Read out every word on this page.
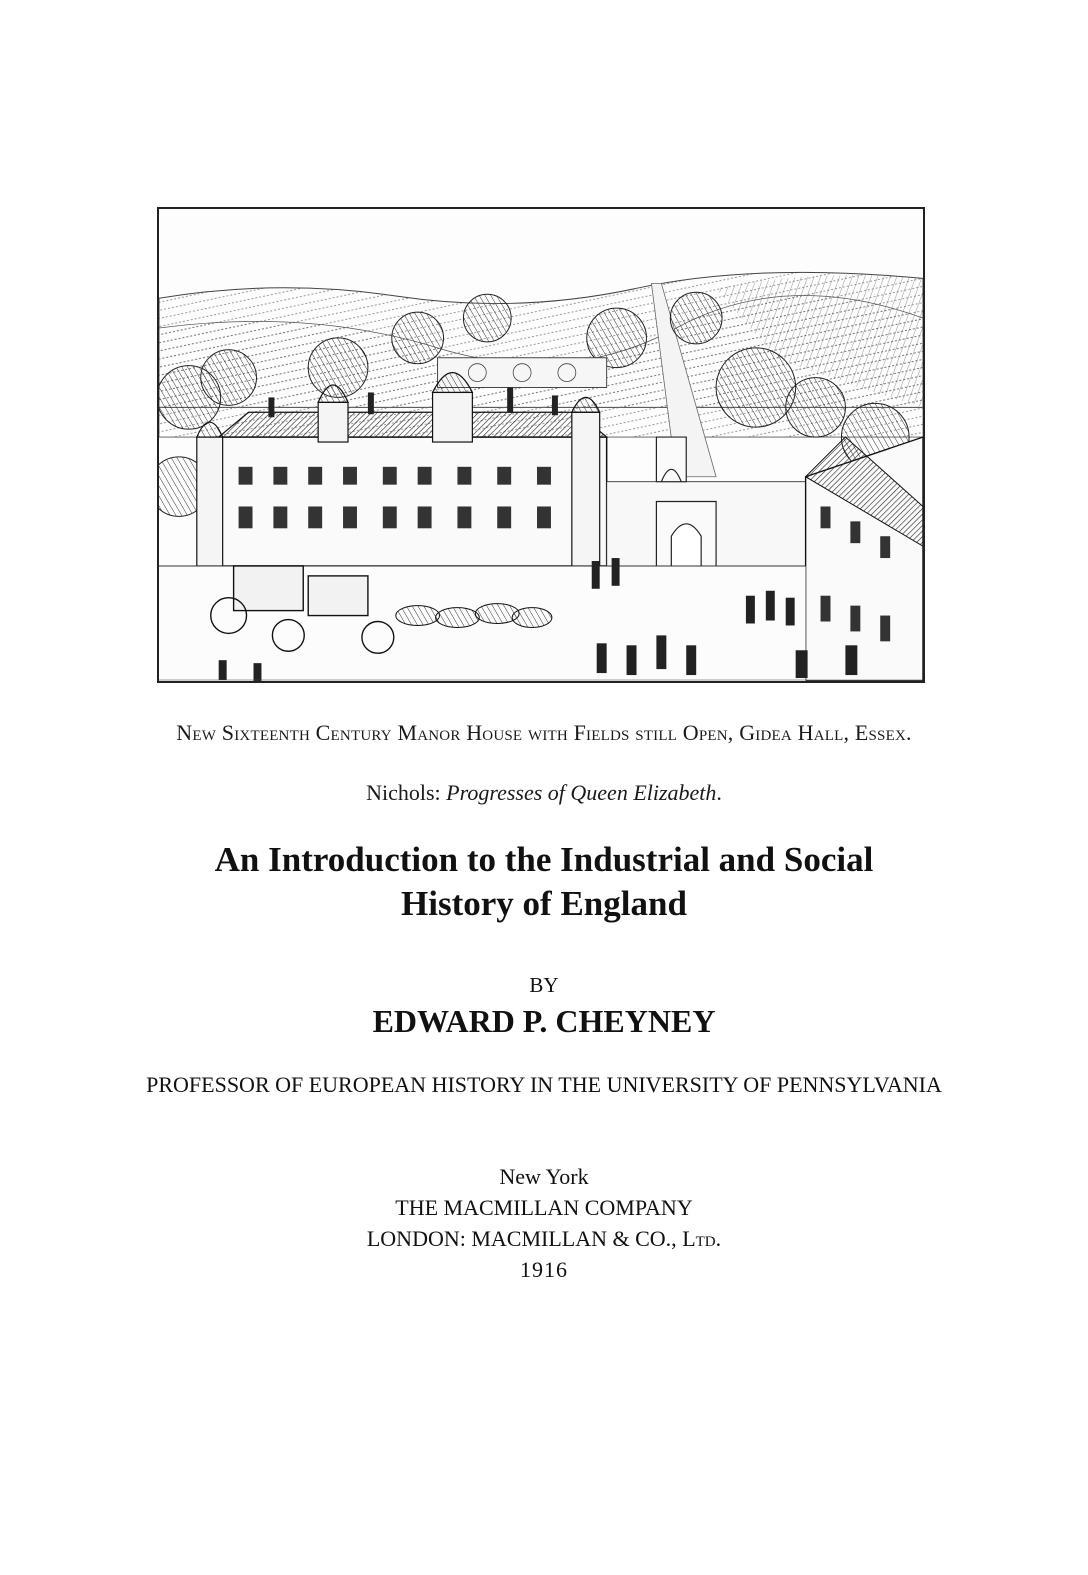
New Sixteenth Century Manor House with Fields still Open, Gidea Hall, Essex.
Nichols: Progresses of Queen Elizabeth.
An Introduction to the Industrial and Social
History of England
BY
EDWARD P. CHEYNEY
PROFESSOR OF EUROPEAN HISTORY IN THE UNIVERSITY OF PENNSYLVANIA
New York
THE MACMILLAN COMPANY
LONDON: MACMILLAN & CO., Ltd.
1916
